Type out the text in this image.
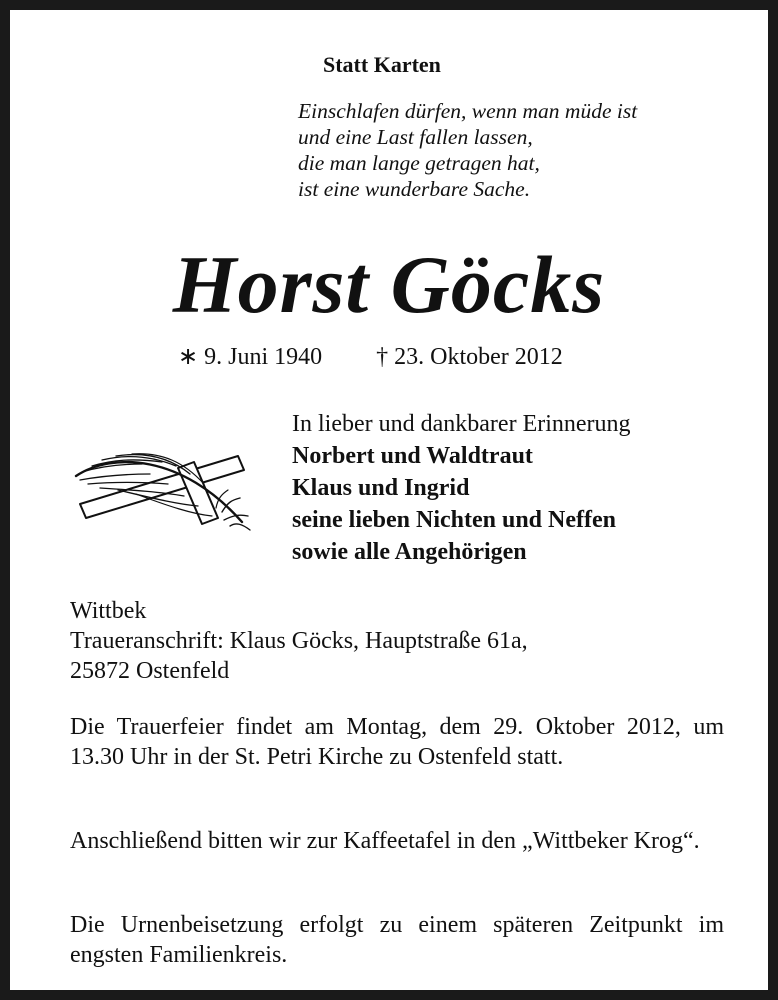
Statt Karten
Einschlafen dürfen, wenn man müde ist
und eine Last fallen lassen,
die man lange getragen hat,
ist eine wunderbare Sache.
Horst Göcks
∗ 9. Juni 1940 † 23. Oktober 2012
In lieber und dankbarer Erinnerung
Norbert und Waldtraut
Klaus und Ingrid
seine lieben Nichten und Neffen
sowie alle Angehörigen
Wittbek
Traueranschrift: Klaus Göcks, Hauptstraße 61a,
25872 Ostenfeld
Die Trauerfeier findet am Montag, dem 29. Oktober 2012, um 13.30 Uhr in der St. Petri Kirche zu Ostenfeld statt.
Anschließend bitten wir zur Kaffeetafel in den „Wittbeker Krog“.
Die Urnenbeisetzung erfolgt zu einem späteren Zeitpunkt im engsten Familienkreis.
